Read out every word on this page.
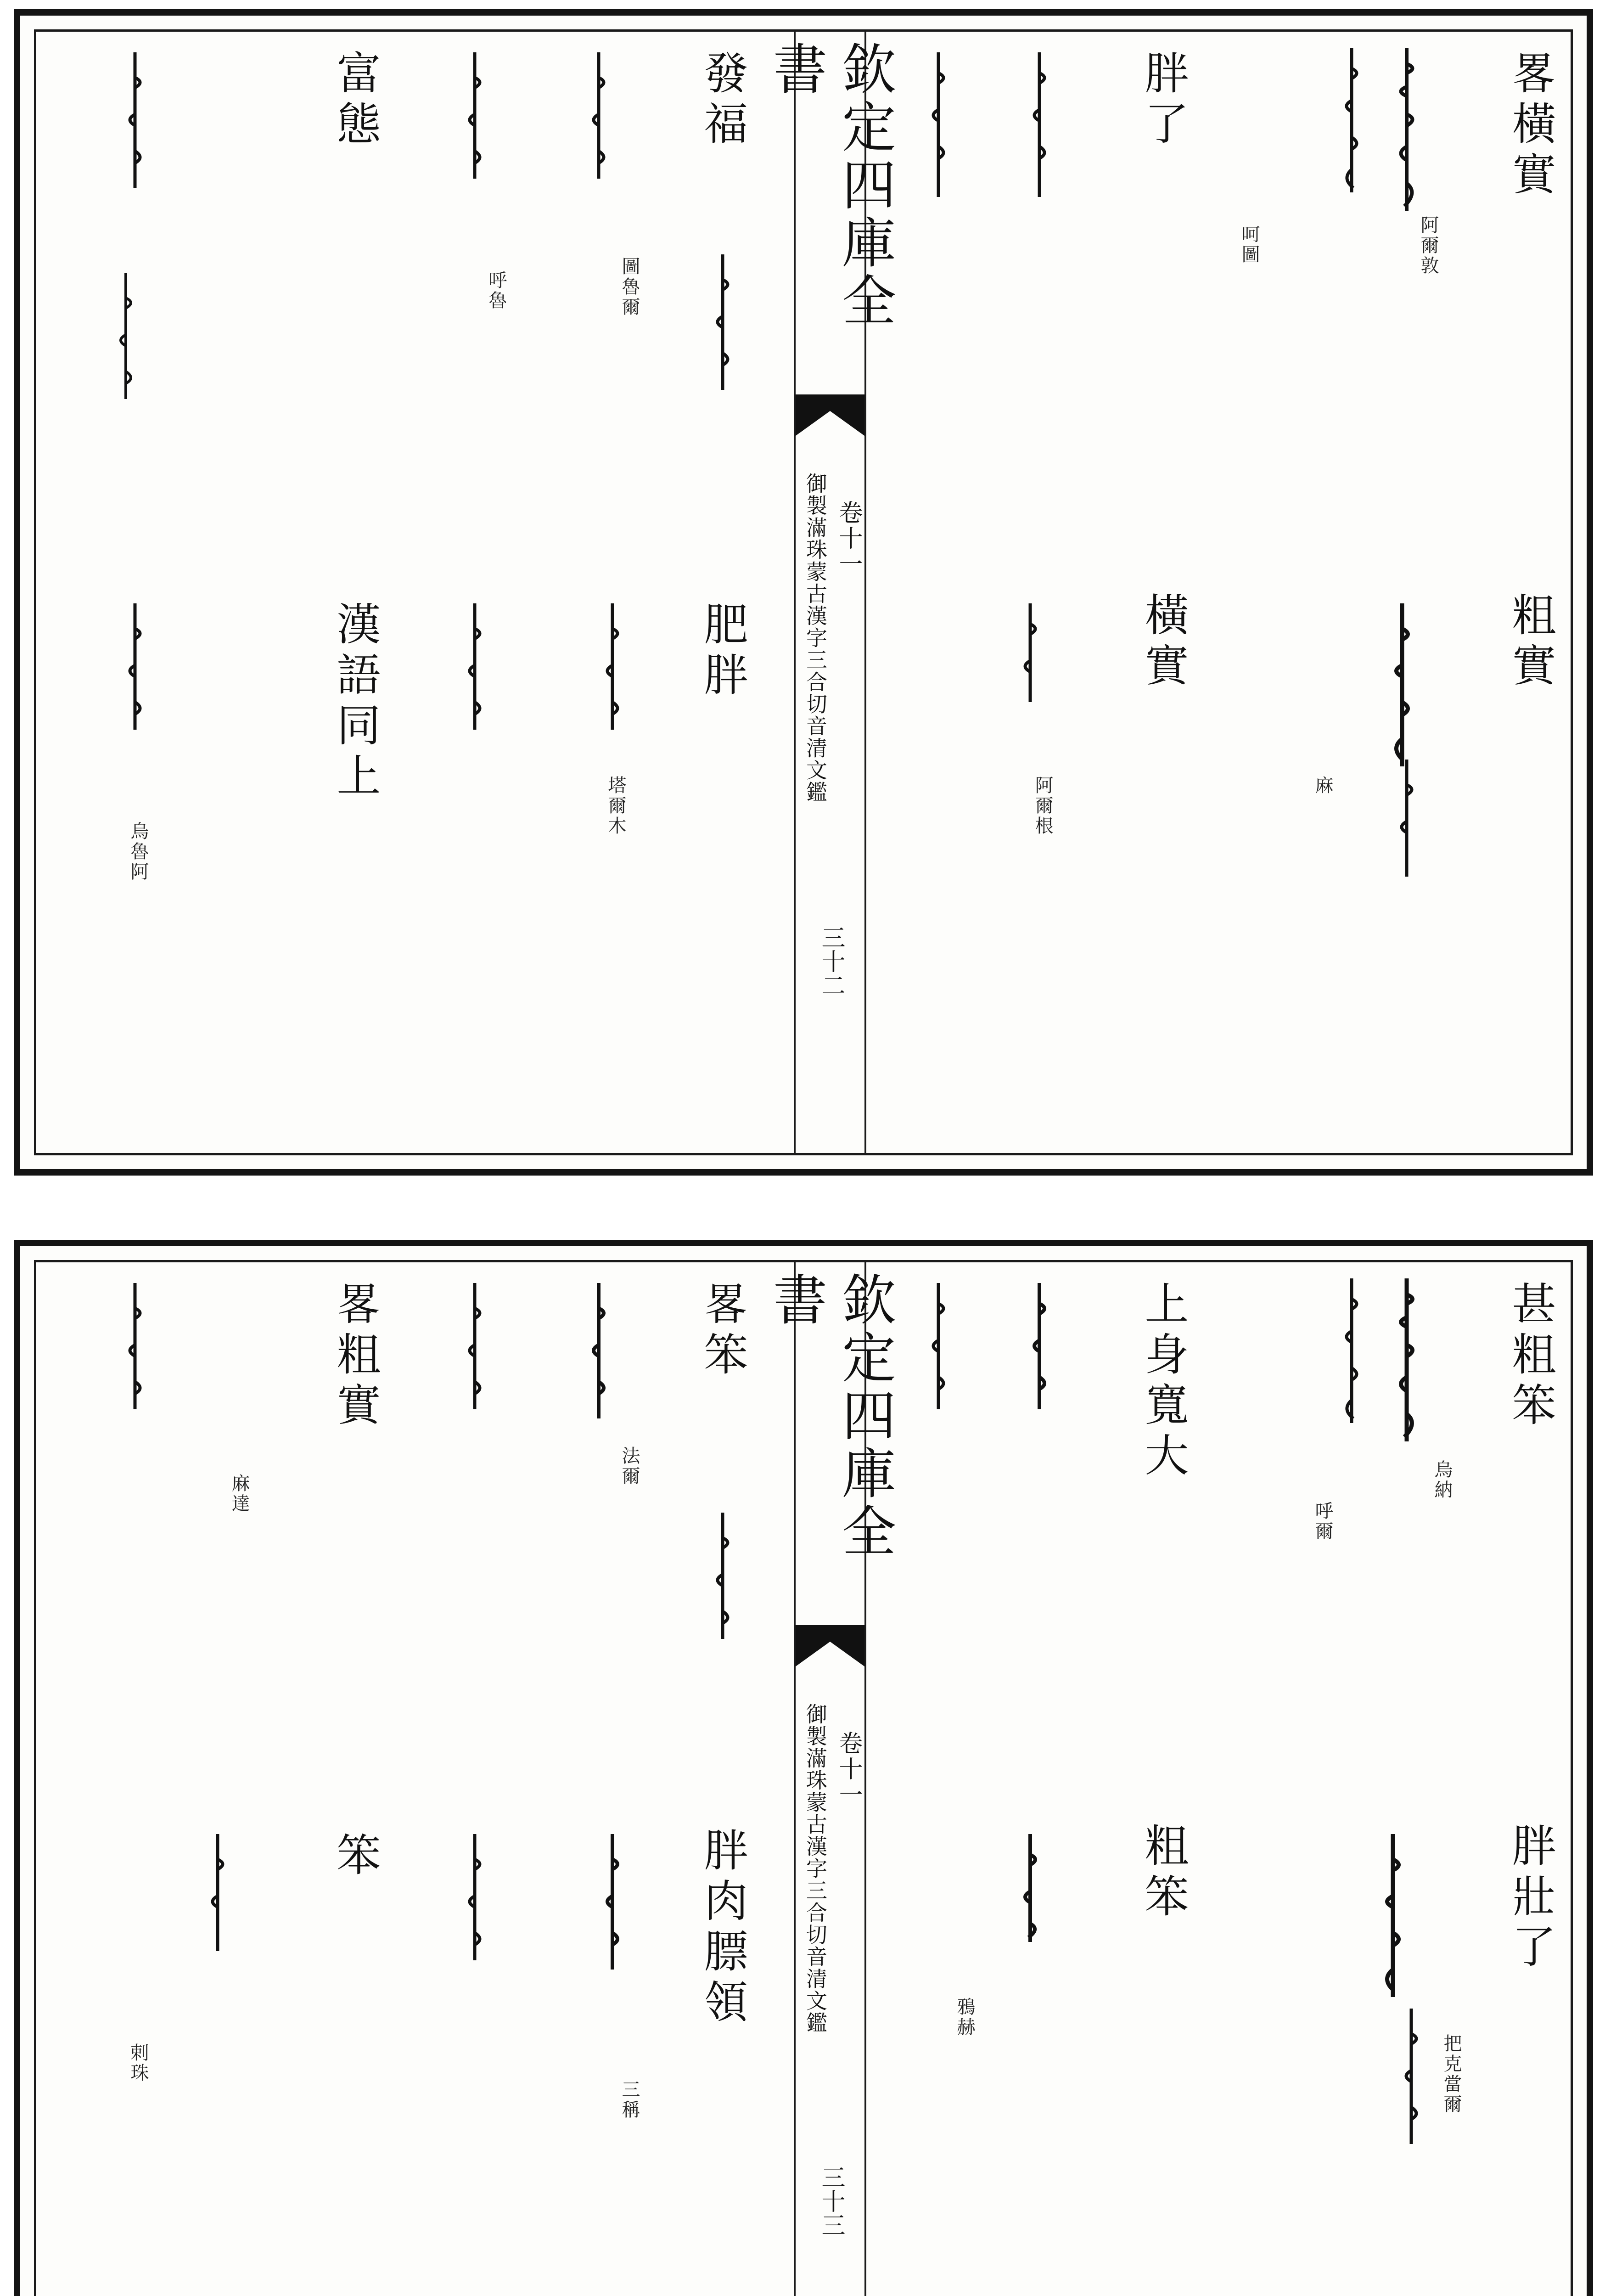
欽定四庫全書
御製滿珠蒙古漢字三合切音清文鑑 卷十一
三十二
畧橫實
粗實
胖了
橫實
阿爾敦
麻
呵圖
阿爾根
發福
肥胖
富態
漢語同上
圖魯爾
塔爾木
呼魯
烏魯阿
欽定四庫全書
御製滿珠蒙古漢字三合切音清文鑑 卷十一
三十三
甚粗笨
胖壯了
上身寬大
粗笨
烏納
把克當爾
呼爾
鴉赫
畧笨
胖肉膘領
畧粗實
笨
法爾
三稱
麻達
剌珠
